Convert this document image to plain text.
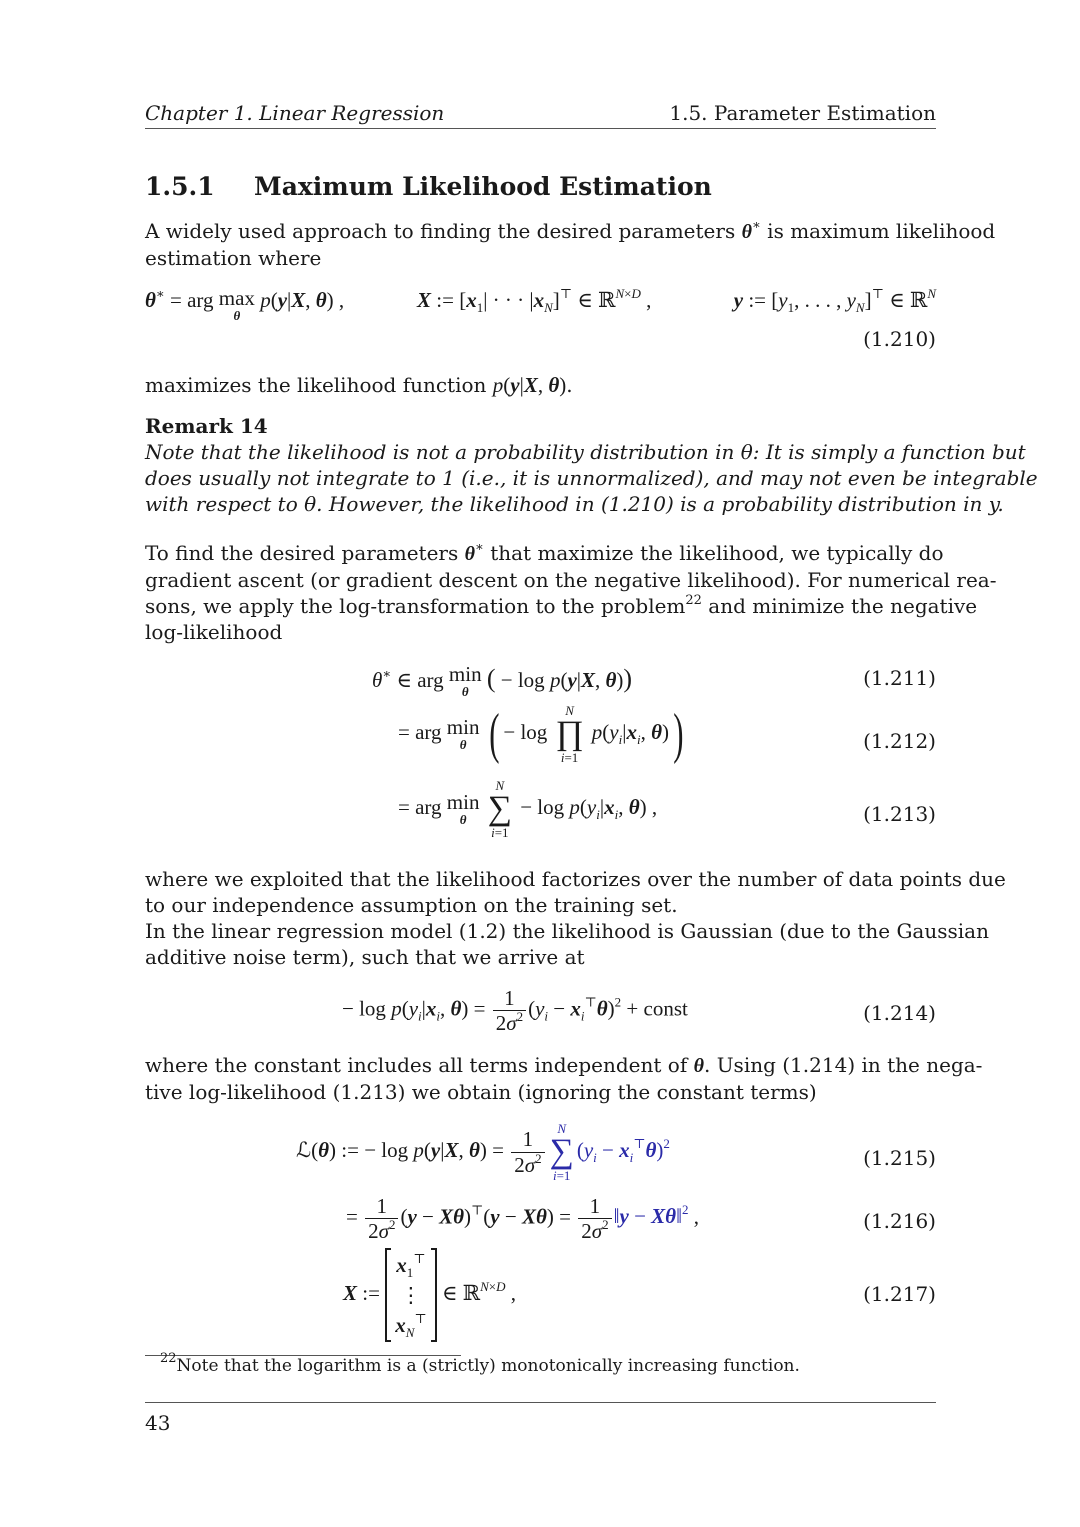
Chapter 1. Linear Regression	1.5. Parameter Estimation
1.5.1 Maximum Likelihood Estimation
A widely used approach to finding the desired parameters θ∗ is maximum likelihood
estimation where
θ∗ = arg max
θ
p(y|X, θ) ,	X := [$x_1|$ · · · $|x_N]^⊤$ ∈ ℝ$^{N\times D}$ ,	y := [$y_1$, . . . , $y_N]^⊤$ ∈ ℝ$^N$
(1.210)
maximizes the likelihood function p(y|X, θ).
Remark 14
Note that the likelihood is not a probability distribution in θ: It is simply a function but
does usually not integrate to 1 (i.e., it is unnormalized), and may not even be integrable
with respect to θ. However, the likelihood in (1.210) is a probability distribution in y.
To find the desired parameters θ∗ that maximize the likelihood, we typically do
gradient ascent (or gradient descent on the negative likelihood). For numerical rea-
sons, we apply the log-transformation to the problem$^{22}$ and minimize the negative
log-likelihood
θ∗ ∈ arg min
θ ( − log p(y|X, θ))	(1.211)
= arg min
θ ( − log
N
∏
i=1
$p(y_i|x_i$, θ))	(1.212)
= arg min
θ

N
∑
i=1
− $\log p(y_i|x_i$, θ) ,	(1.213)
where we exploited that the likelihood factorizes over the number of data points due
to our independence assumption on the training set.
In the linear regression model (1.2) the likelihood is Gaussian (due to the Gaussian
additive noise term), such that we arrive at
− $\log p(y_i|x_i$, $\theta) = \frac{1}{2\sigma^2} (y_i - x_i^⊤\theta)^2$ + const	(1.214)
where the constant includes all terms independent of θ. Using (1.214) in the nega-
tive log-likelihood (1.213) we obtain (ignoring the constant terms)
ℒ(θ) := − log p(y|X, $\theta) = \frac{1}{2\sigma^2}$ N
∑
i=1
$(y_i - x_i^⊤\theta)^2$
(1.215)
= $\frac{1}{2\sigma^2} (y - X\theta)^⊤(y - X\theta) = \frac{1}{2\sigma^2}$ ‖y − Xθ‖$^2$ ,	(1.216)
X :=
$x_1^⊤$
⋮
$x_N^⊤$
∈ ℝ$^{N\times D}$ ,	(1.217)
$^{22}$Note that the logarithm is a (strictly) monotonically increasing function.
43
